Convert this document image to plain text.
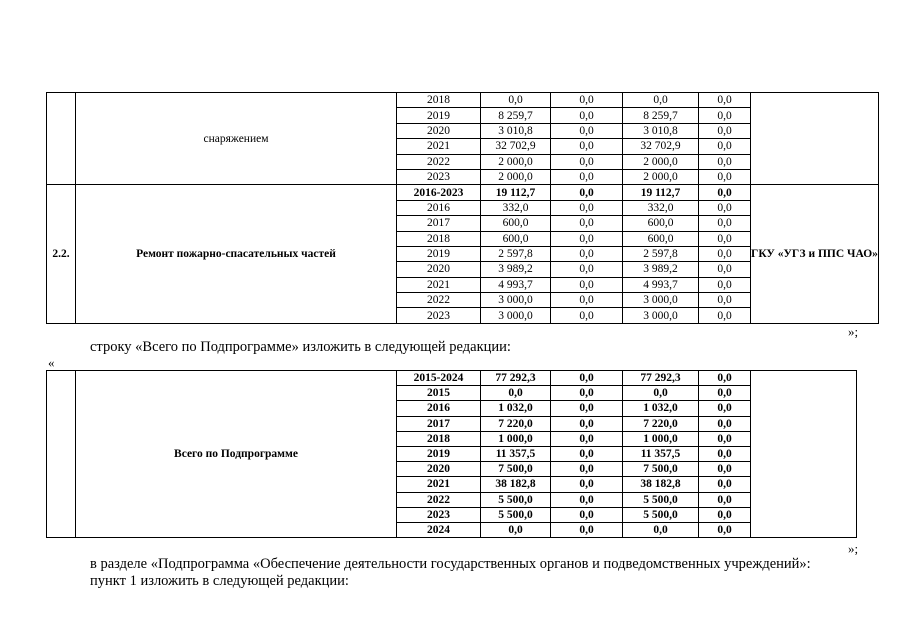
	снаряжением	2018	0,0	0,0	0,0	0,0	
		2019	8 259,7	0,0	8 259,7	0,0	
		2020	3 010,8	0,0	3 010,8	0,0	
		2021	32 702,9	0,0	32 702,9	0,0	
		2022	2 000,0	0,0	2 000,0	0,0	
		2023	2 000,0	0,0	2 000,0	0,0	
2.2.	Ремонт пожарно-спасательных частей	2016-2023	19 112,7	0,0	19 112,7	0,0	ГКУ «УГЗ и ППС ЧАО»
		2016	332,0	0,0	332,0	0,0	
		2017	600,0	0,0	600,0	0,0	
		2018	600,0	0,0	600,0	0,0	
		2019	2 597,8	0,0	2 597,8	0,0	
		2020	3 989,2	0,0	3 989,2	0,0	
		2021	4 993,7	0,0	4 993,7	0,0	
		2022	3 000,0	0,0	3 000,0	0,0	
		2023	3 000,0	0,0	3 000,0	0,0	
»;
строку «Всего по Подпрограмме» изложить в следующей редакции:
«
	Всего по Подпрограмме	2015-2024	77 292,3	0,0	77 292,3	0,0	
		2015	0,0	0,0	0,0	0,0	
		2016	1 032,0	0,0	1 032,0	0,0	
		2017	7 220,0	0,0	7 220,0	0,0	
		2018	1 000,0	0,0	1 000,0	0,0	
		2019	11 357,5	0,0	11 357,5	0,0	
		2020	7 500,0	0,0	7 500,0	0,0	
		2021	38 182,8	0,0	38 182,8	0,0	
		2022	5 500,0	0,0	5 500,0	0,0	
		2023	5 500,0	0,0	5 500,0	0,0	
		2024	0,0	0,0	0,0	0,0	
»;
в разделе «Подпрограмма «Обеспечение деятельности государственных органов и подведомственных учреждений»:
пункт 1 изложить в следующей редакции:
